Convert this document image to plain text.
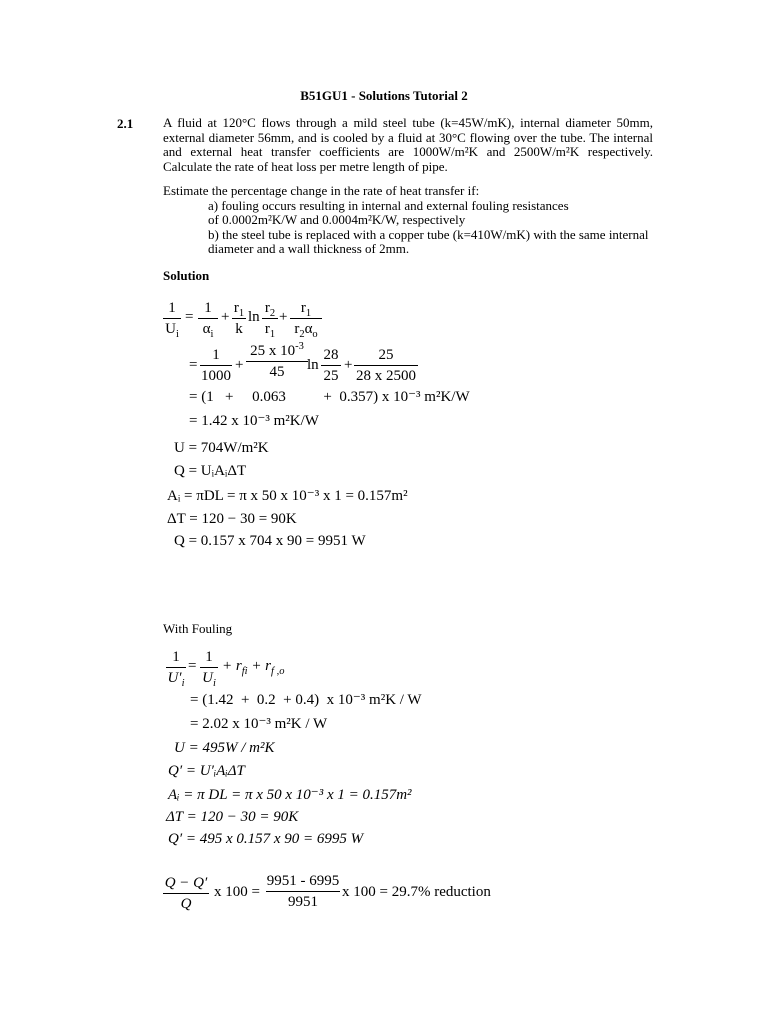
B51GU1 - Solutions Tutorial 2
2.1 A fluid at 120°C flows through a mild steel tube (k=45W/mK), internal diameter 50mm,
external diameter 56mm, and is cooled by a fluid at 30°C flowing over the tube. The internal
and external heat transfer coefficients are 1000W/m²K and 2500W/m²K respectively.
Calculate the rate of heat loss per metre length of pipe.
Estimate the percentage change in the rate of heat transfer if:
a) fouling occurs resulting in internal and external fouling resistances
of 0.0002m²K/W and 0.0004m²K/W, respectively
b) the steel tube is replaced with a copper tube (k=410W/mK) with the same internal
diameter and a wall thickness of 2mm.
Solution
1
$U_i$
=
1
$\alpha_i$
+
$r_1$
k
ln
$r_2$
$r_1$
+
$r_1$
$r_2\alpha_o$
=
1
1000
+
25 x $10^{-3}$
45	ln
28
25
+
25
28 x 2500
= (1   +     0.063          +  0.357) x 10⁻³ m²K/W
= 1.42 x 10⁻³ m²K/W
U = 704W/m²K
Q = UᵢAᵢΔT
Aᵢ = πDL = π x 50 x 10⁻³ x 1 = 0.157m²
ΔT = 120 − 30 = 90K
Q = 0.157 x 704 x 90 = 9951 W
With Fouling
1
$U'_i$
=
1
$U_i$
+ $r_{fi} + r_{f ,o}$
= (1.42  +  0.2  + 0.4)  x 10⁻³ m²K / W
= 2.02 x 10⁻³ m²K / W
U = 495W / m²K
Q′ = U′ᵢAᵢΔT
Aᵢ = π DL = π x 50 x 10⁻³ x 1 = 0.157m²
ΔT = 120 − 30 = 90K
Q′ = 495 x 0.157 x 90 = 6995 W
Q − Q′
Q
x 100 =
9951 - 6995
9951
x 100 = 29.7% reduction
